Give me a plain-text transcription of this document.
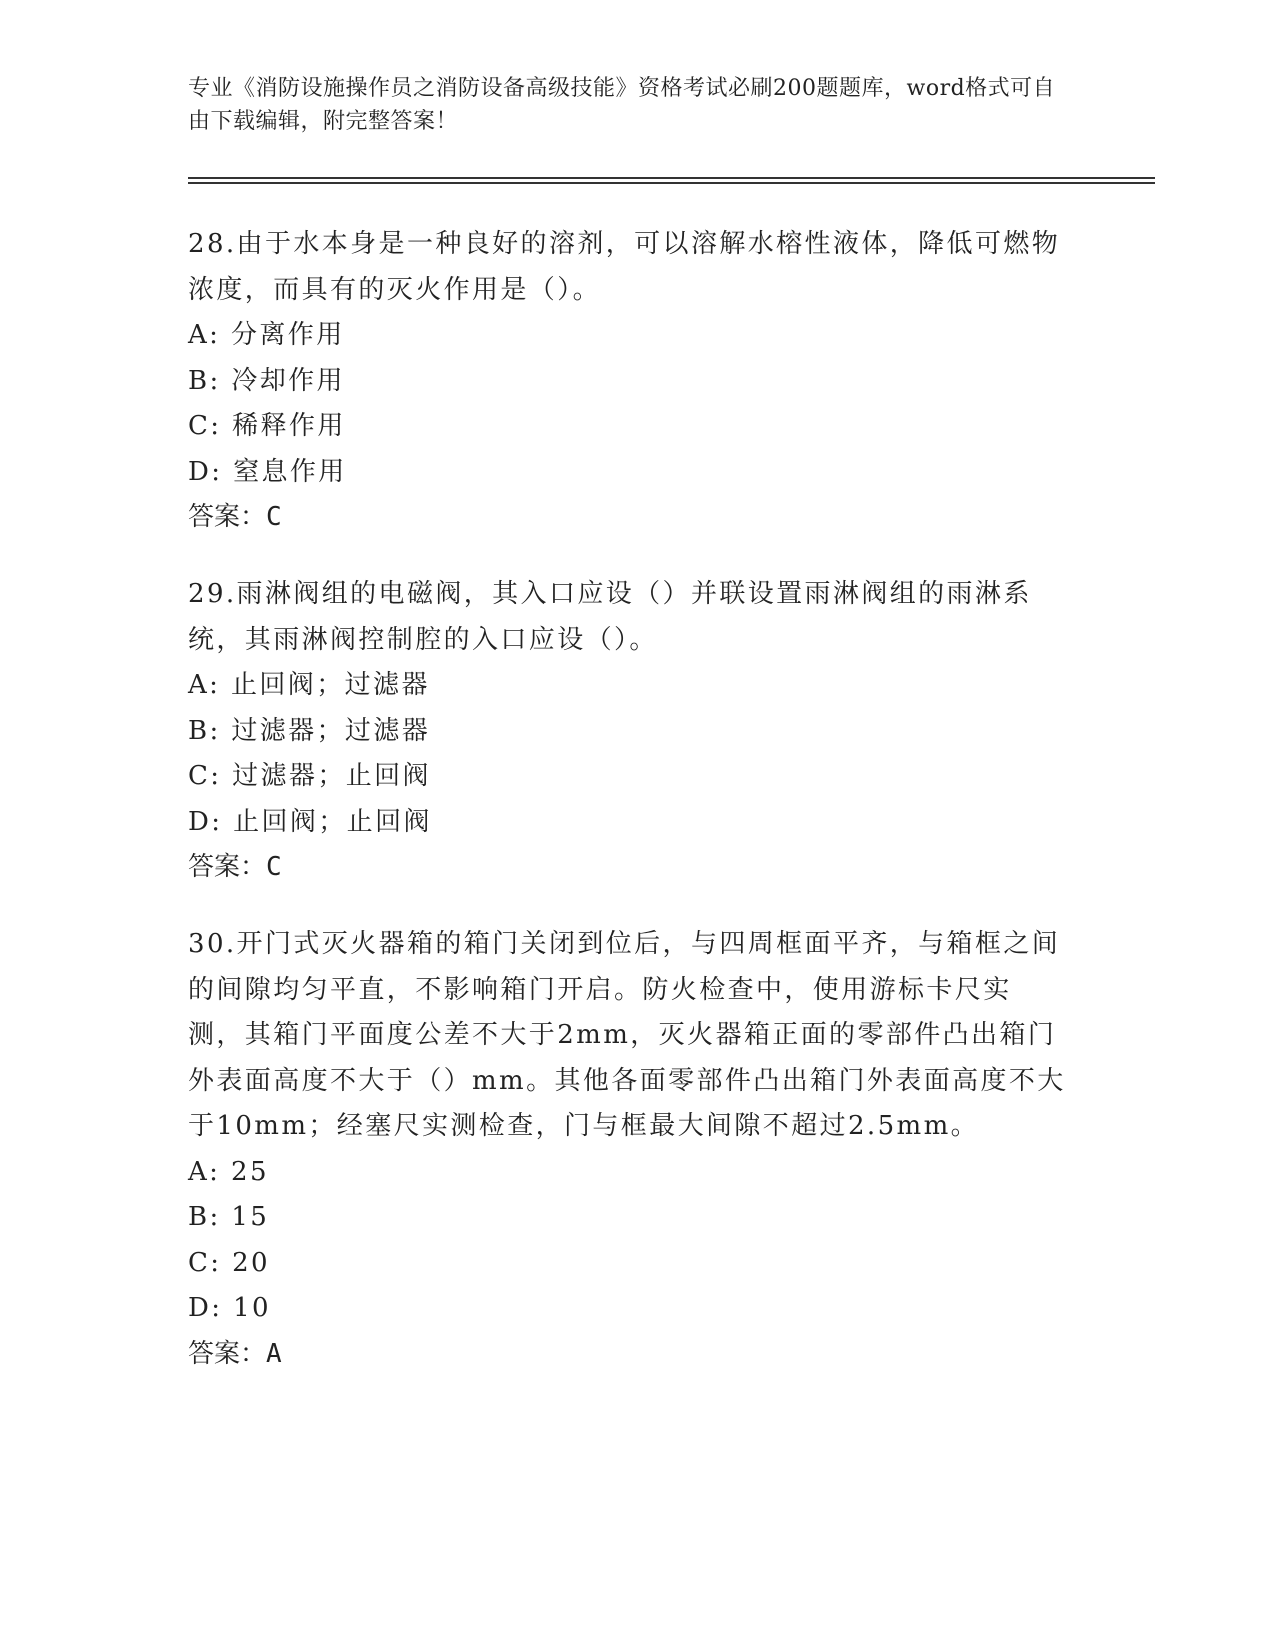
专业《消防设施操作员之消防设备高级技能》资格考试必刷200题题库，word格式可自由下载编辑，附完整答案！

28.由于水本身是一种良好的溶剂，可以溶解水榕性液体，降低可燃物浓度，而具有的灭火作用是（）。

A: 分离作用

B: 冷却作用

C: 稀释作用

D: 窒息作用

答案：C

29.雨淋阀组的电磁阀，其入口应设（）并联设置雨淋阀组的雨淋系统，其雨淋阀控制腔的入口应设（）。

A: 止回阀；过滤器

B: 过滤器；过滤器

C: 过滤器；止回阀

D: 止回阀；止回阀

答案：C

30.开门式灭火器箱的箱门关闭到位后，与四周框面平齐，与箱框之间的间隙均匀平直，不影响箱门开启。防火检查中，使用游标卡尺实测，其箱门平面度公差不大于2mm，灭火器箱正面的零部件凸出箱门外表面高度不大于（）mm。其他各面零部件凸出箱门外表面高度不大于10mm；经塞尺实测检查，门与框最大间隙不超过2.5mm。

A: 25

B: 15

C: 20

D: 10

答案：A
